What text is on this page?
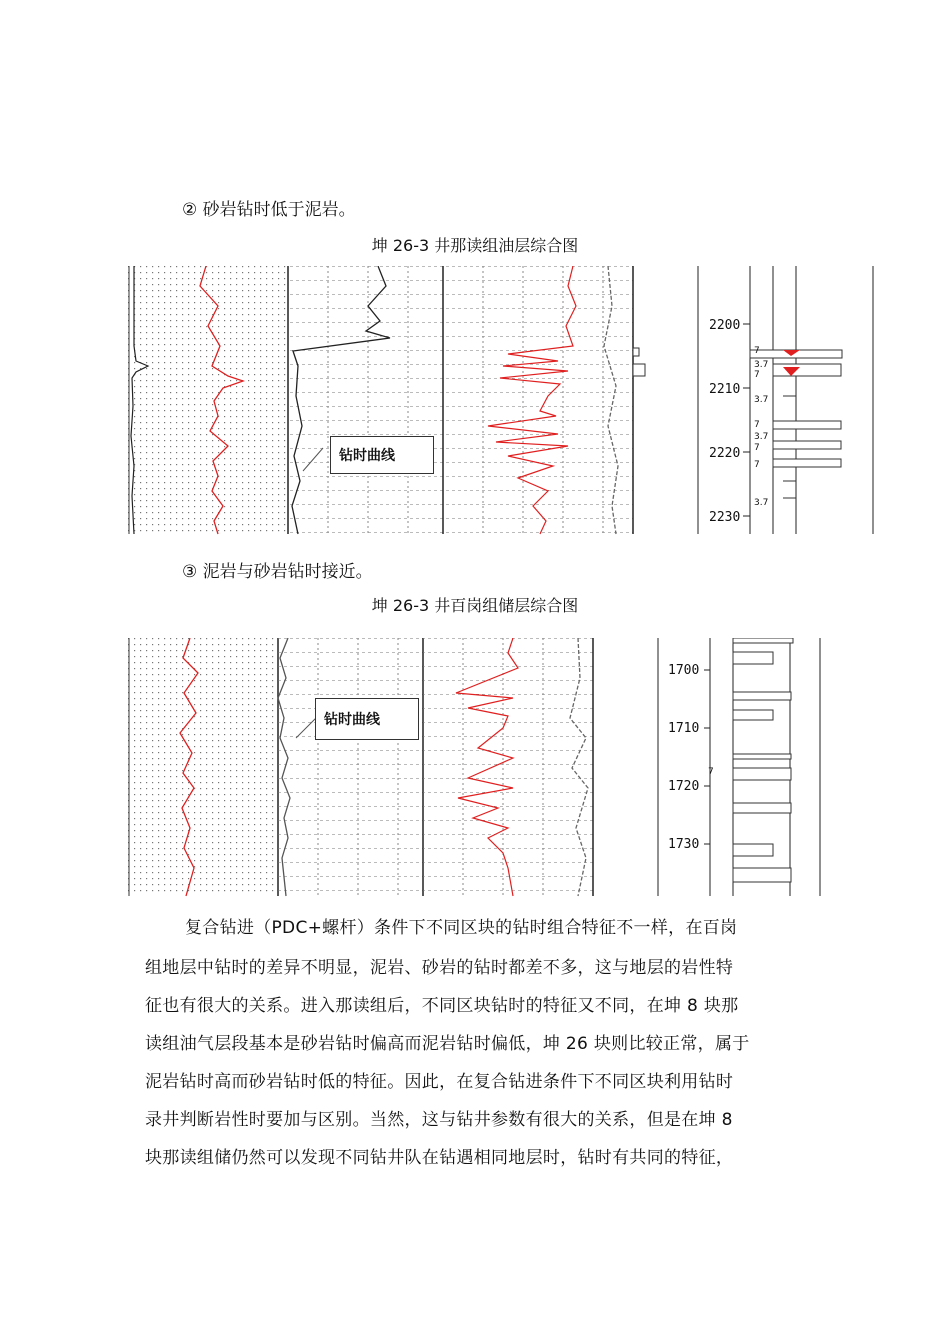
② 砂岩钻时低于泥岩。
坤 26-3 井那读组油层综合图
钻时曲线
2200
2210
2220
2230
7
3.7
7
3.7
7
3.7
7
7
3.7
③ 泥岩与砂岩钻时接近。
坤 26-3 井百岗组储层综合图
钻时曲线
1700
1710
1720
1730
7
复合钻进（PDC+螺杆）条件下不同区块的钻时组合特征不一样，在百岗
组地层中钻时的差异不明显，泥岩、砂岩的钻时都差不多，这与地层的岩性特
征也有很大的关系。进入那读组后，不同区块钻时的特征又不同，在坤 8 块那
读组油气层段基本是砂岩钻时偏高而泥岩钻时偏低，坤 26 块则比较正常，属于
泥岩钻时高而砂岩钻时低的特征。因此，在复合钻进条件下不同区块利用钻时
录井判断岩性时要加与区别。当然，这与钻井参数有很大的关系，但是在坤 8
块那读组储仍然可以发现不同钻井队在钻遇相同地层时，钻时有共同的特征，
